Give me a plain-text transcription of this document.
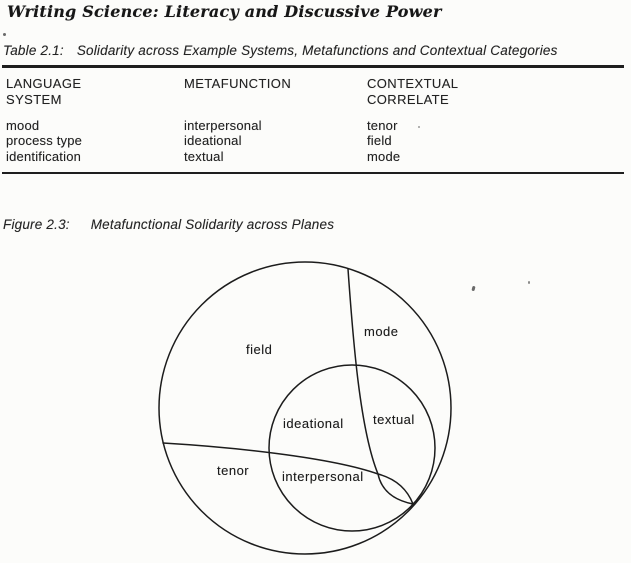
Writing Science: Literacy and Discussive Power
Table 2.1: Solidarity across Example Systems, Metafunctions and Contextual Categories
LANGUAGE
SYSTEM
METAFUNCTION	CONTEXTUAL
CORRELATE
mood
process type
identification
interpersonal
ideational
textual
tenor
field
mode
Figure 2.3: Metafunctional Solidarity across Planes
field
mode
ideational textual
tenor	interpersonal
